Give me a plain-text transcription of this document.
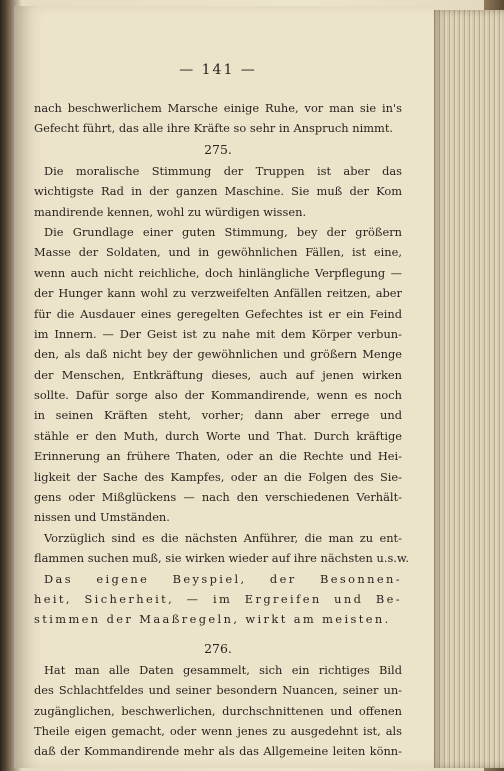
— 141 —
nach beschwerlichem Marsche einige Ruhe, vor man sie in's
Gefecht führt, das alle ihre Kräfte so sehr in Anspruch nimmt.
275.
Die moralische Stimmung der Truppen ist aber das
wichtigste Rad in der ganzen Maschine. Sie muß der Kom
mandirende kennen, wohl zu würdigen wissen.
Die Grundlage einer guten Stimmung, bey der größern
Masse der Soldaten, und in gewöhnlichen Fällen, ist eine,
wenn auch nicht reichliche, doch hinlängliche Verpflegung —
der Hunger kann wohl zu verzweifelten Anfällen reitzen, aber
für die Ausdauer eines geregelten Gefechtes ist er ein Feind
im Innern. — Der Geist ist zu nahe mit dem Körper verbun-
den, als daß nicht bey der gewöhnlichen und größern Menge
der Menschen, Entkräftung dieses, auch auf jenen wirken
sollte. Dafür sorge also der Kommandirende, wenn es noch
in seinen Kräften steht, vorher; dann aber errege und
stähle er den Muth, durch Worte und That. Durch kräftige
Erinnerung an frühere Thaten, oder an die Rechte und Hei-
ligkeit der Sache des Kampfes, oder an die Folgen des Sie-
gens oder Mißglückens — nach den verschiedenen Verhält-
nissen und Umständen.
Vorzüglich sind es die nächsten Anführer, die man zu ent-
flammen suchen muß, sie wirken wieder auf ihre nächsten u.s.w.
Das eigene Beyspiel, der Besonnen-
heit, Sicherheit, — im Ergreifen und Be-
stimmen der Maaßregeln, wirkt am meisten.
276.
Hat man alle Daten gesammelt, sich ein richtiges Bild
des Schlachtfeldes und seiner besondern Nuancen, seiner un-
zugänglichen, beschwerlichen, durchschnittenen und offenen
Theile eigen gemacht, oder wenn jenes zu ausgedehnt ist, als
daß der Kommandirende mehr als das Allgemeine leiten könn-
